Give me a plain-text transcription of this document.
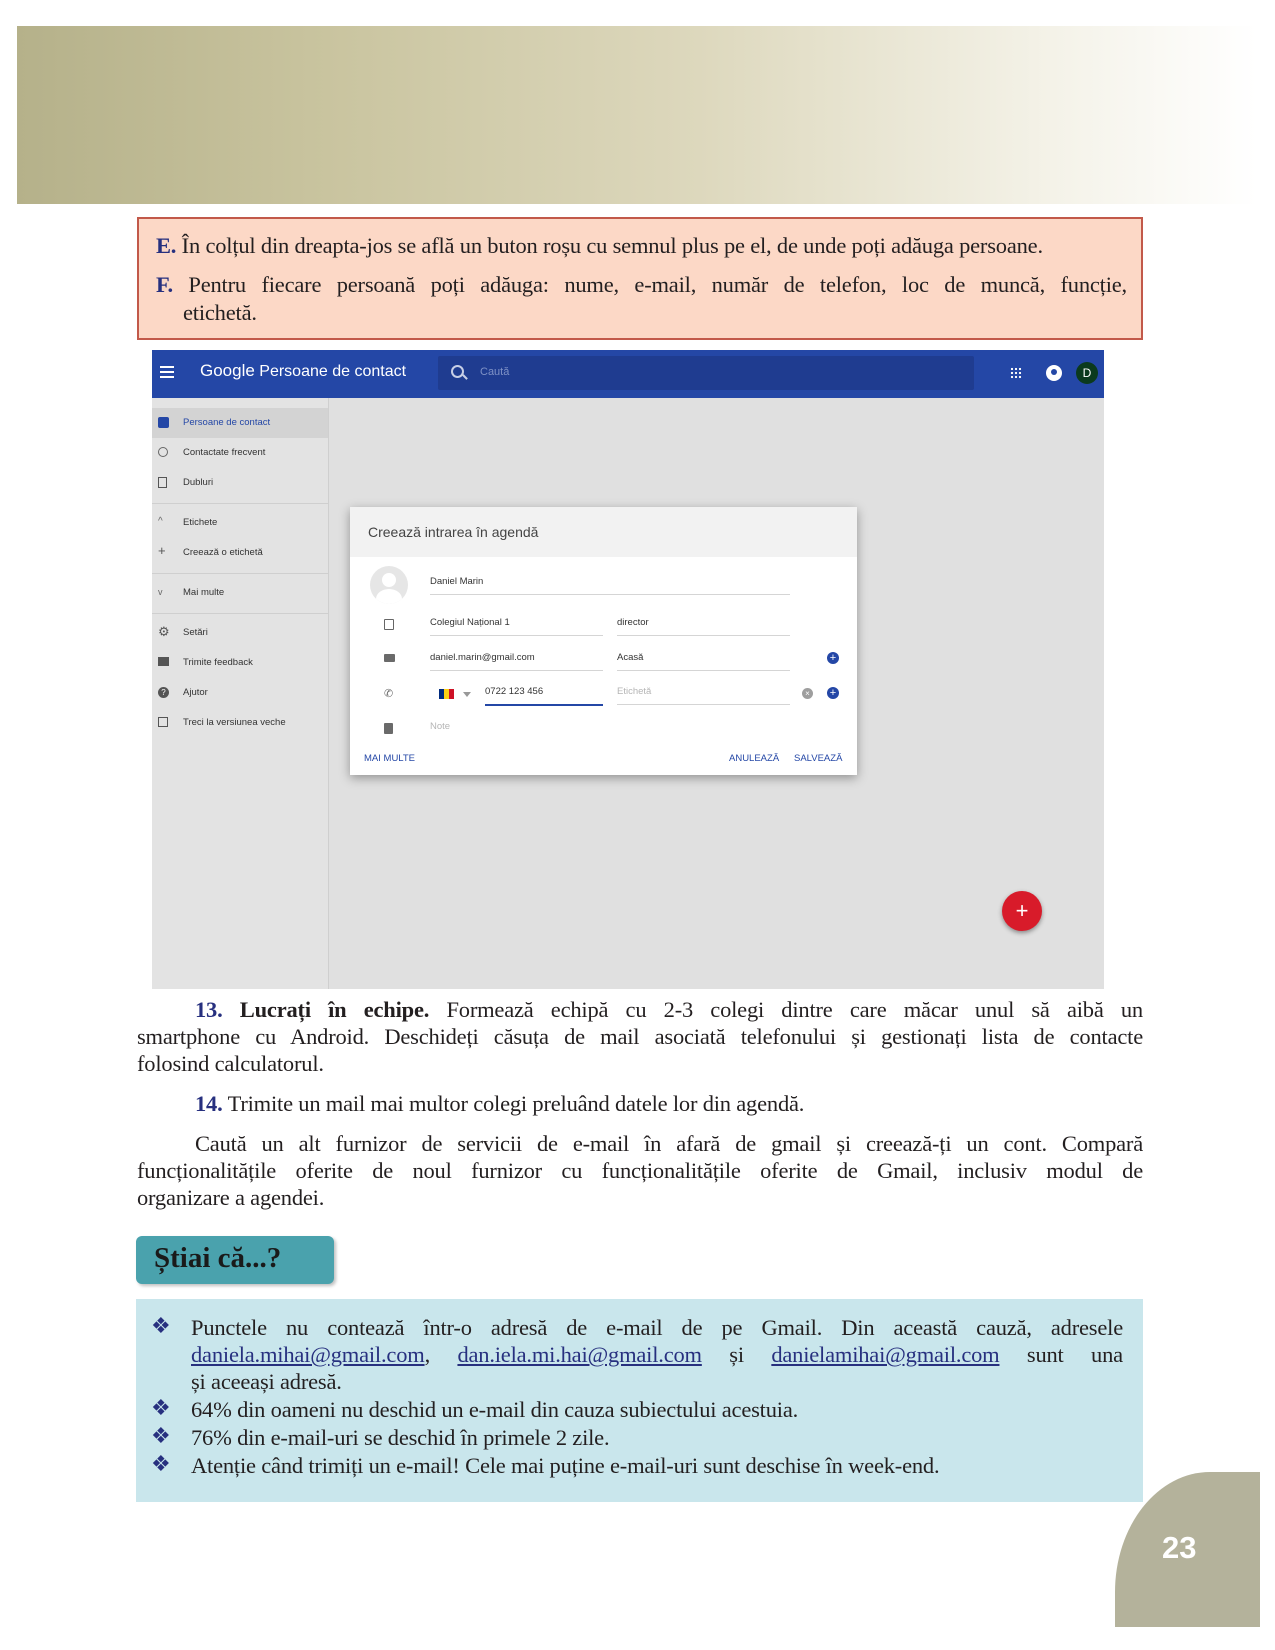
E. În colțul din dreapta-jos se află un buton roșu cu semnul plus pe el, de unde poți adăuga persoane.
F. Pentru fiecare persoană poți adăuga: nume, e-mail, număr de telefon, loc de muncă, funcție,
etichetă.
Google Persoane de contact	Caută	D
Persoane de contact
Contactate frecvent
Dubluri
^	Etichete
+	Creează o etichetă
v	Mai multe
⚙ Setări
Trimite feedback
?	Ajutor
Treci la versiunea veche
Creează intrarea în agendă
Daniel Marin
Colegiul Național 1	director
daniel.marin@gmail.com	Acasă	+
✆	0722 123 456	Etichetă	× +
Note
MAI MULTE	ANULEAZĂ SALVEAZĂ
+
13. Lucrați în echipe. Formează echipă cu 2-3 colegi dintre care măcar unul să aibă un
smartphone cu Android. Deschideți căsuța de mail asociată telefonului și gestionați lista de contacte
folosind calculatorul.
14. Trimite un mail mai multor colegi preluând datele lor din agendă.
Caută un alt furnizor de servicii de e-mail în afară de gmail și creează-ți un cont. Compară
funcționalitățile oferite de noul furnizor cu funcționalitățile oferite de Gmail, inclusiv modul de
organizare a agendei.
Știai că...?
❖ Punctele nu contează într-o adresă de e-mail de pe Gmail. Din această cauză, adresele
daniela.mihai@gmail.com, dan.iela.mi.hai@gmail.com și danielamihai@gmail.com sunt una
și aceeași adresă.
❖ 64% din oameni nu deschid un e-mail din cauza subiectului acestuia.
❖ 76% din e-mail-uri se deschid în primele 2 zile.
❖ Atenție când trimiți un e-mail! Cele mai puține e-mail-uri sunt deschise în week-end.
23
